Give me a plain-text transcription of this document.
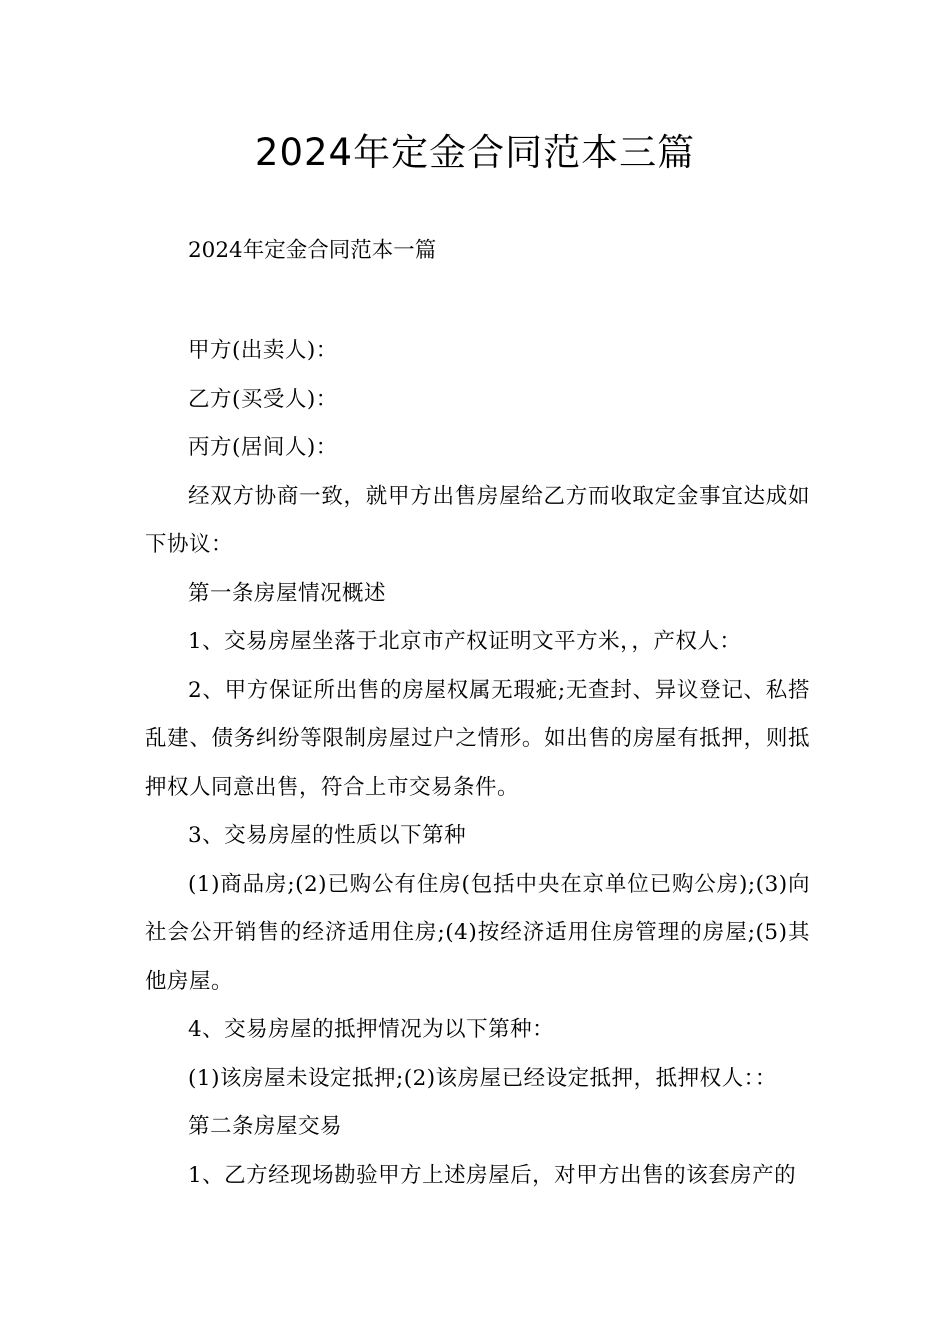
2024年定金合同范本三篇

2024年定金合同范本一篇

甲方(出卖人)：

乙方(买受人)：

丙方(居间人)：

经双方协商一致，就甲方出售房屋给乙方而收取定金事宜达成如下协议：

第一条房屋情况概述

1、交易房屋坐落于北京市产权证明文平方米，，产权人：

2、甲方保证所出售的房屋权属无瑕疵;无查封、异议登记、私搭乱建、债务纠纷等限制房屋过户之情形。如出售的房屋有抵押，则抵押权人同意出售，符合上市交易条件。

3、交易房屋的性质以下第种

(1)商品房;(2)已购公有住房(包括中央在京单位已购公房);(3)向社会公开销售的经济适用住房;(4)按经济适用住房管理的房屋;(5)其他房屋。

4、交易房屋的抵押情况为以下第种：

(1)该房屋未设定抵押;(2)该房屋已经设定抵押，抵押权人：：

第二条房屋交易

1、乙方经现场勘验甲方上述房屋后，对甲方出售的该套房产的
